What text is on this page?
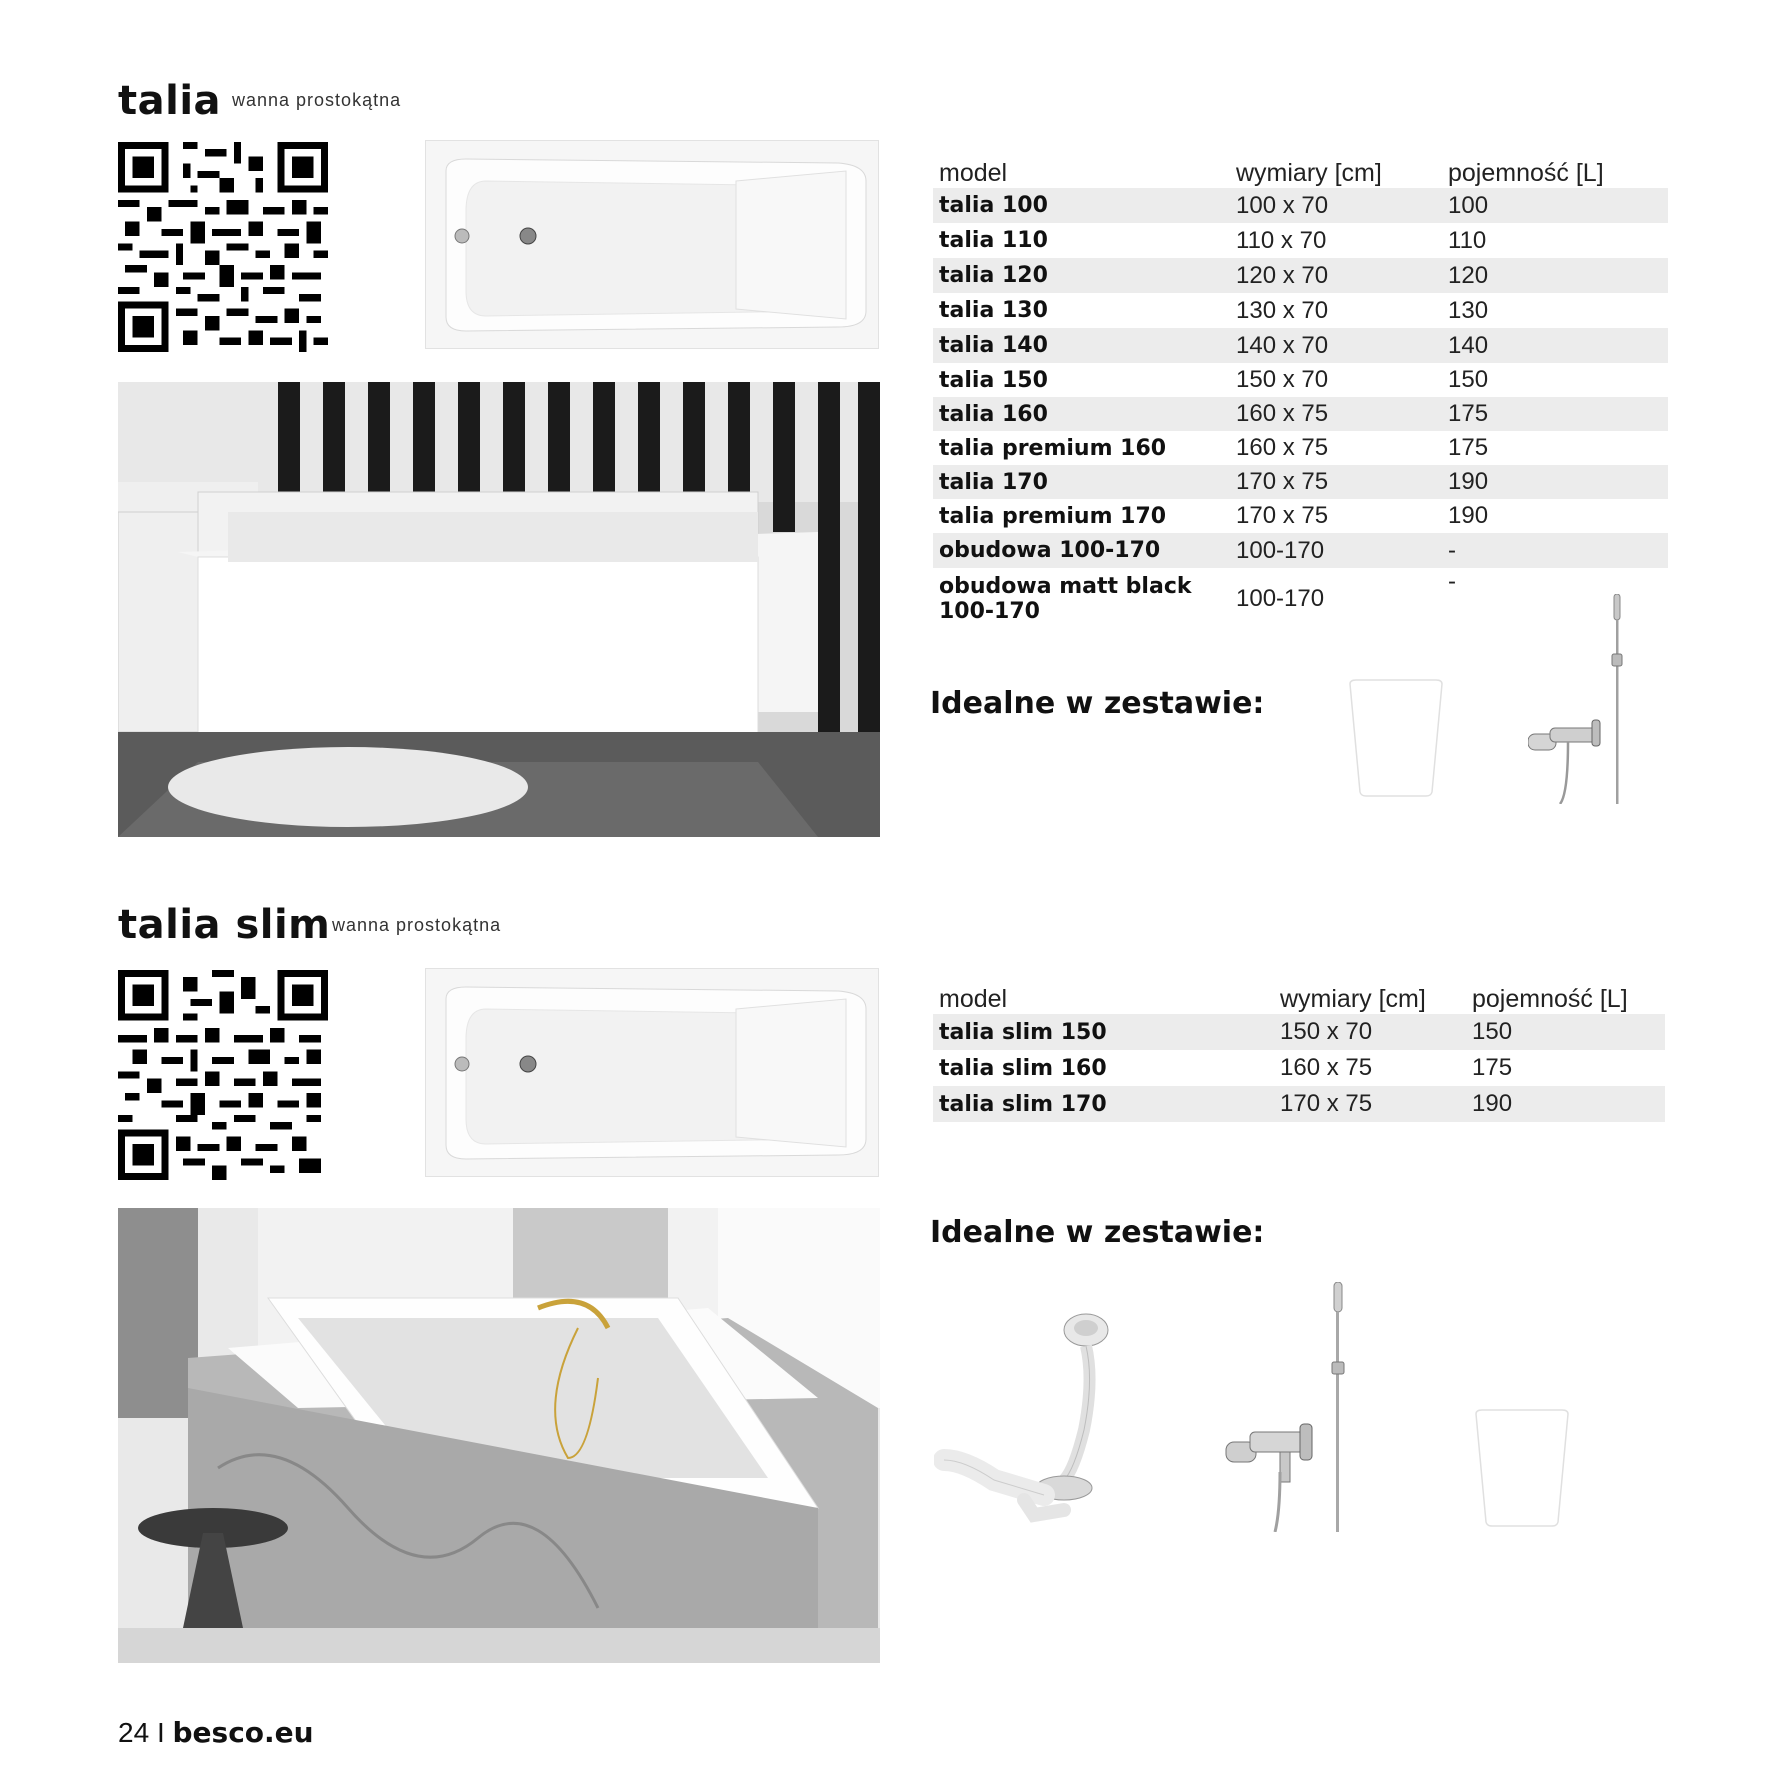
talia wanna prostokątna
model	wymiary [cm]	pojemność [L]
talia 100	100 x 70	100
talia 110	110 x 70	110
talia 120	120 x 70	120
talia 130	130 x 70	130
talia 140	140 x 70	140
talia 150	150 x 70	150
talia 160	160 x 75	175
talia premium 160	160 x 75	175
talia 170	170 x 75	190
talia premium 170	170 x 75	190
obudowa 100-170	100-170	-
obudowa matt black 100-170	100-170	-
Idealne w zestawie:
talia slim wanna prostokątna
model	wymiary [cm]	pojemność [L]
talia slim 150	150 x 70	150
talia slim 160	160 x 75	175
talia slim 170	170 x 75	190
Idealne w zestawie:
24 I besco.eu
